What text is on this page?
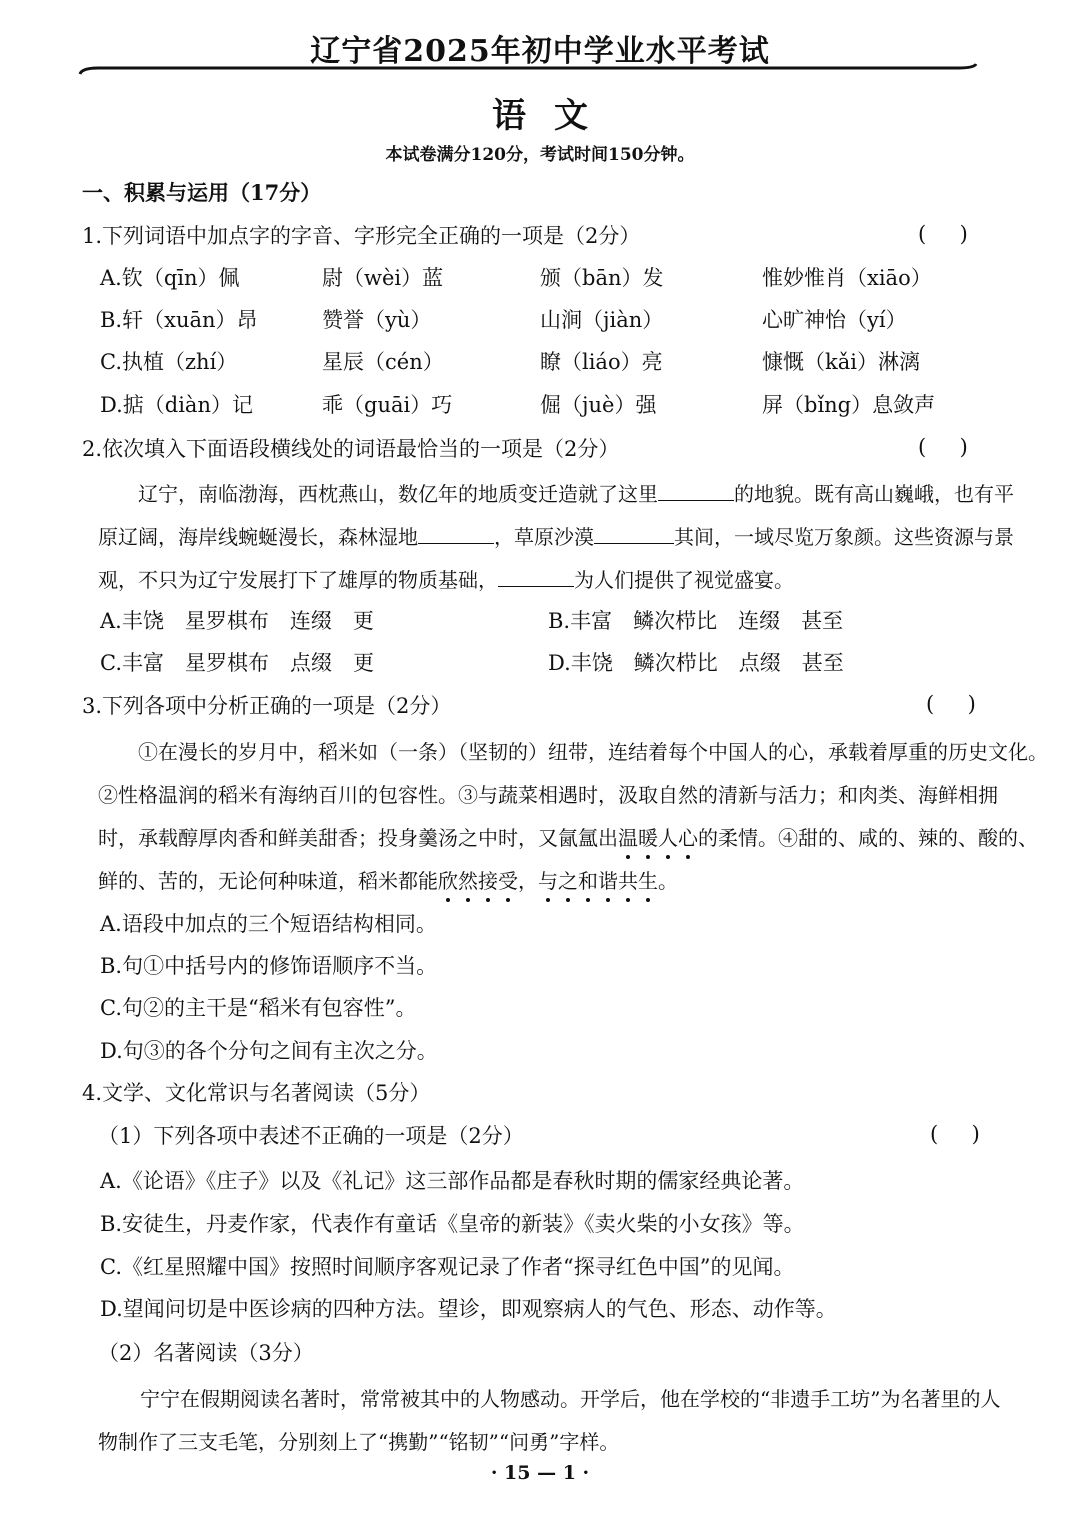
辽宁省2025年初中学业水平考试
语文
本试卷满分120分，考试时间150分钟。
一、积累与运用（17分）
1.下列词语中加点字的字音、字形完全正确的一项是（2分）	(     )
A.钦（qīn）佩	尉（wèi）蓝	颁（bān）发	惟妙惟肖（xiāo）
B.轩（xuān）昂	赞誉（yù）	山涧（jiàn）	心旷神怡（yí）
C.执植（zhí）	星辰（cén）	瞭（liáo）亮	慷慨（kǎi）淋漓
D.掂（diàn）记	乖（guāi）巧	倔（juè）强	屏（bǐng）息敛声
2.依次填入下面语段横线处的词语最恰当的一项是（2分）	(     )
辽宁，南临渤海，西枕燕山，数亿年的地质变迁造就了这里	的地貌。既有高山巍峨，也有平
原辽阔，海岸线蜿蜒漫长，森林湿地	，草原沙漠	其间，一域尽览万象颜。这些资源与景
观，不只为辽宁发展打下了雄厚的物质基础，	为人们提供了视觉盛宴。
A.丰饶　星罗棋布　连缀　更	B.丰富　鳞次栉比　连缀　甚至
C.丰富　星罗棋布　点缀　更	D.丰饶　鳞次栉比　点缀　甚至
3.下列各项中分析正确的一项是（2分）	(     )
①在漫长的岁月中，稻米如（一条）（坚韧的）纽带，连结着每个中国人的心，承载着厚重的历史文化。
②性格温润的稻米有海纳百川的包容性。③与蔬菜相遇时，汲取自然的清新与活力；和肉类、海鲜相拥
时，承载醇厚肉香和鲜美甜香；投身羹汤之中时，又氤氲出温暖人心的柔情。④甜的、咸的、辣的、酸的、
鲜的、苦的，无论何种味道，稻米都能欣然接受，与之和谐共生。
A.语段中加点的三个短语结构相同。
B.句①中括号内的修饰语顺序不当。
C.句②的主干是“稻米有包容性”。
D.句③的各个分句之间有主次之分。
4.文学、文化常识与名著阅读（5分）
（1）下列各项中表述不正确的一项是（2分）	(     )
A.《论语》《庄子》以及《礼记》这三部作品都是春秋时期的儒家经典论著。
B.安徒生，丹麦作家，代表作有童话《皇帝的新装》《卖火柴的小女孩》等。
C.《红星照耀中国》按照时间顺序客观记录了作者“探寻红色中国”的见闻。
D.望闻问切是中医诊病的四种方法。望诊，即观察病人的气色、形态、动作等。
（2）名著阅读（3分）
宁宁在假期阅读名著时，常常被其中的人物感动。开学后，他在学校的“非遗手工坊”为名著里的人
物制作了三支毛笔，分别刻上了“携勤”“铭韧”“问勇”字样。
· 15 — 1 ·
